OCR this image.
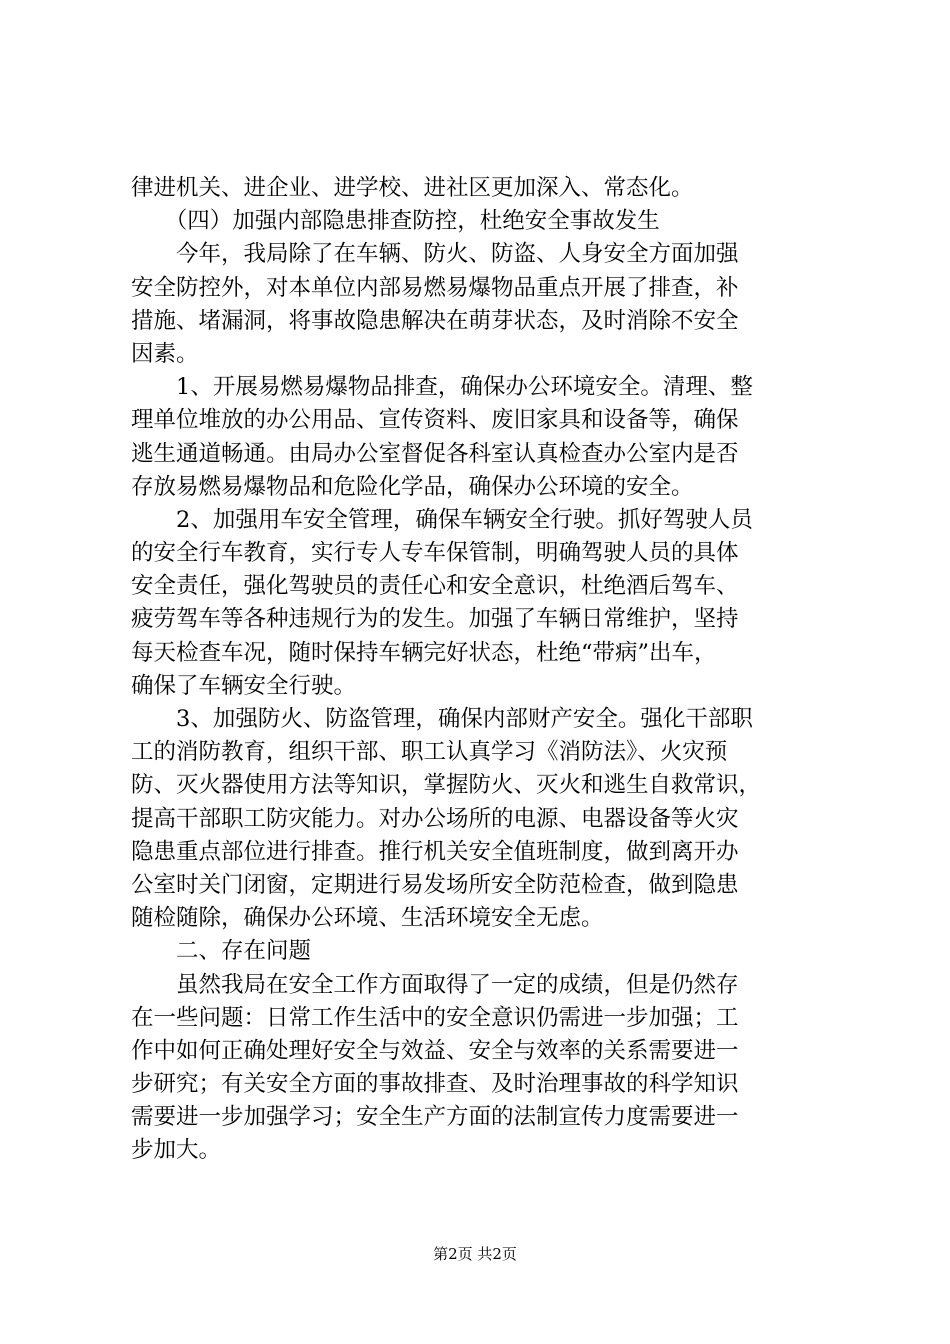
律进机关、进企业、进学校、进社区更加深入、常态化。
　　（四）加强内部隐患排查防控，杜绝安全事故发生
　　今年，我局除了在车辆、防火、防盗、人身安全方面加强
安全防控外，对本单位内部易燃易爆物品重点开展了排查，补
措施、堵漏洞，将事故隐患解决在萌芽状态，及时消除不安全
因素。
　　1、开展易燃易爆物品排查，确保办公环境安全。清理、整
理单位堆放的办公用品、宣传资料、废旧家具和设备等，确保
逃生通道畅通。由局办公室督促各科室认真检查办公室内是否
存放易燃易爆物品和危险化学品，确保办公环境的安全。
　　2、加强用车安全管理，确保车辆安全行驶。抓好驾驶人员
的安全行车教育，实行专人专车保管制，明确驾驶人员的具体
安全责任，强化驾驶员的责任心和安全意识，杜绝酒后驾车、
疲劳驾车等各种违规行为的发生。加强了车辆日常维护，坚持
每天检查车况，随时保持车辆完好状态，杜绝“带病”出车，
确保了车辆安全行驶。
　　3、加强防火、防盗管理，确保内部财产安全。强化干部职
工的消防教育，组织干部、职工认真学习《消防法》、火灾预
防、灭火器使用方法等知识，掌握防火、灭火和逃生自救常识，
提高干部职工防灾能力。对办公场所的电源、电器设备等火灾
隐患重点部位进行排查。推行机关安全值班制度，做到离开办
公室时关门闭窗，定期进行易发场所安全防范检查，做到隐患
随检随除，确保办公环境、生活环境安全无虑。
　　二、存在问题
　　虽然我局在安全工作方面取得了一定的成绩，但是仍然存
在一些问题：日常工作生活中的安全意识仍需进一步加强；工
作中如何正确处理好安全与效益、安全与效率的关系需要进一
步研究；有关安全方面的事故排查、及时治理事故的科学知识
需要进一步加强学习；安全生产方面的法制宣传力度需要进一
步加大。
第2页 共2页
